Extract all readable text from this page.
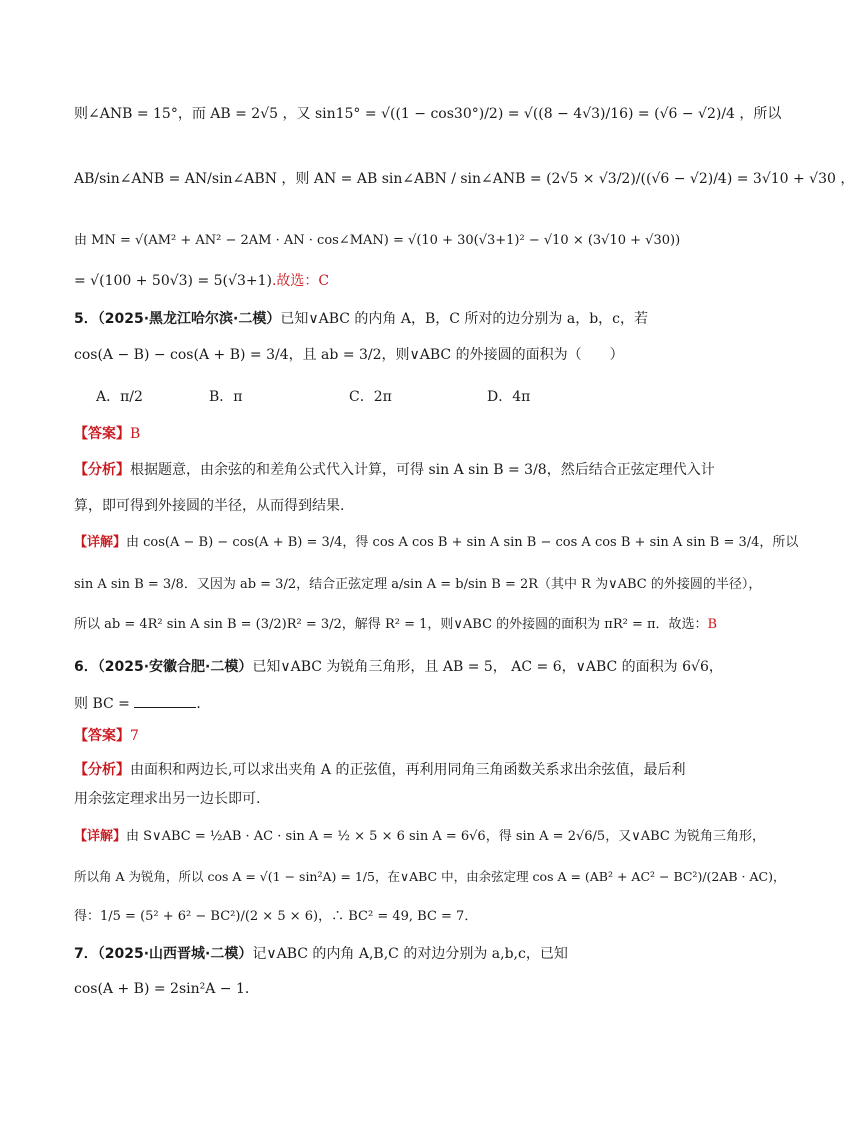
则∠ANB = 15°，而 AB = 2√5 ，又 sin15° = √((1 − cos30°)/2) = √((8 − 4√3)/16) = (√6 − √2)/4 ，所以
AB/sin∠ANB = AN/sin∠ABN ，则 AN = AB sin∠ABN / sin∠ANB = (2√5 × √3/2)/((√6 − √2)/4) = 3√10 + √30 ，
由 MN = √(AM² + AN² − 2AM · AN · cos∠MAN) = √(10 + 30(√3+1)² − √10 × (3√10 + √30))
= √(100 + 50√3) = 5(√3+1).故选：C
5．（2025·黑龙江哈尔滨·二模）已知∨ABC 的内角 A，B，C 所对的边分别为 a，b，c，若
cos(A − B) − cos(A + B) = 3/4，且 ab = 3/2，则∨ABC 的外接圆的面积为（　　）
A．π/2	B．π	C．2π	D．4π
【答案】B
【分析】根据题意，由余弦的和差角公式代入计算，可得 sin A sin B = 3/8，然后结合正弦定理代入计
算，即可得到外接圆的半径，从而得到结果.
【详解】由 cos(A − B) − cos(A + B) = 3/4，得 cos A cos B + sin A sin B − cos A cos B + sin A sin B = 3/4，所以
sin A sin B = 3/8．又因为 ab = 3/2，结合正弦定理 a/sin A = b/sin B = 2R（其中 R 为∨ABC 的外接圆的半径），
所以 ab = 4R² sin A sin B = (3/2)R² = 3/2，解得 R² = 1，则∨ABC 的外接圆的面积为 πR² = π．故选：B
6．（2025·安徽合肥·二模）已知∨ABC 为锐角三角形，且 AB = 5， AC = 6，∨ABC 的面积为 6√6，
则 BC =	．
【答案】7
【分析】由面积和两边长,可以求出夹角 A 的正弦值，再利用同角三角函数关系求出余弦值，最后利
用余弦定理求出另一边长即可.
【详解】由 S∨ABC = ½AB · AC · sin A = ½ × 5 × 6 sin A = 6√6，得 sin A = 2√6/5，又∨ABC 为锐角三角形，
所以角 A 为锐角，所以 cos A = √(1 − sin²A) = 1/5，在∨ABC 中，由余弦定理 cos A = (AB² + AC² − BC²)/(2AB · AC)，
得：1/5 = (5² + 6² − BC²)/(2 × 5 × 6)，∴ BC² = 49, BC = 7．
7．（2025·山西晋城·二模）记∨ABC 的内角 A,B,C 的对边分别为 a,b,c，已知
cos(A + B) = 2sin²A − 1．
